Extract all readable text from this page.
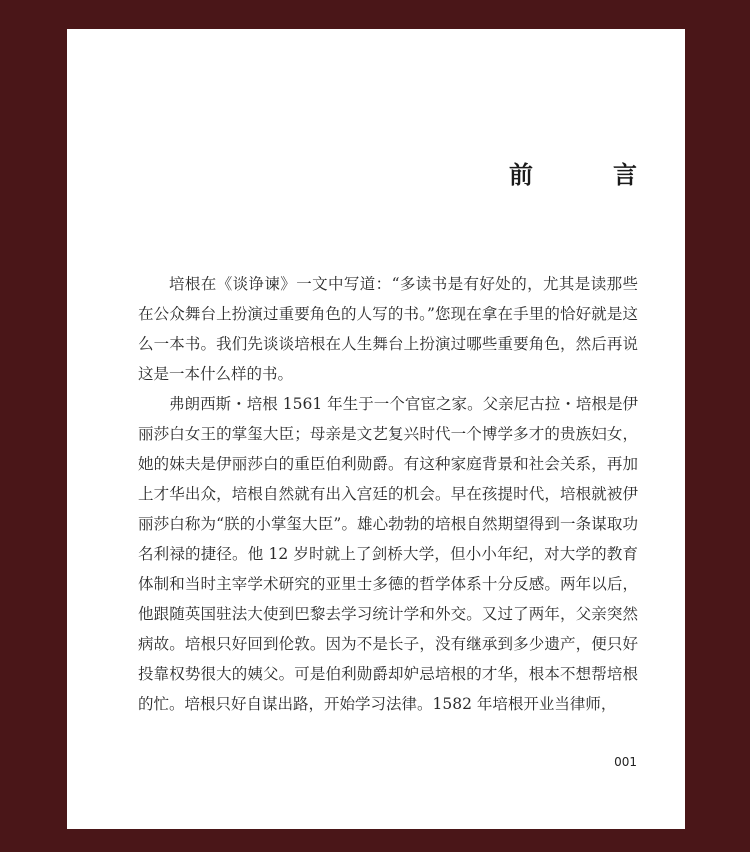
前　言

培根在《谈诤谏》一文中写道：“多读书是有好处的，尤其是读那些在公众舞台上扮演过重要角色的人写的书。”您现在拿在手里的恰好就是这么一本书。我们先谈谈培根在人生舞台上扮演过哪些重要角色，然后再说这是一本什么样的书。

弗朗西斯・培根 1561 年生于一个官宦之家。父亲尼古拉・培根是伊丽莎白女王的掌玺大臣；母亲是文艺复兴时代一个博学多才的贵族妇女，她的妹夫是伊丽莎白的重臣伯利勋爵。有这种家庭背景和社会关系，再加上才华出众，培根自然就有出入宫廷的机会。早在孩提时代，培根就被伊丽莎白称为“朕的小掌玺大臣”。雄心勃勃的培根自然期望得到一条谋取功名利禄的捷径。他 12 岁时就上了剑桥大学，但小小年纪，对大学的教育体制和当时主宰学术研究的亚里士多德的哲学体系十分反感。两年以后，他跟随英国驻法大使到巴黎去学习统计学和外交。又过了两年，父亲突然病故。培根只好回到伦敦。因为不是长子，没有继承到多少遗产，便只好投靠权势很大的姨父。可是伯利勋爵却妒忌培根的才华，根本不想帮培根的忙。培根只好自谋出路，开始学习法律。1582 年培根开业当律师，

001
